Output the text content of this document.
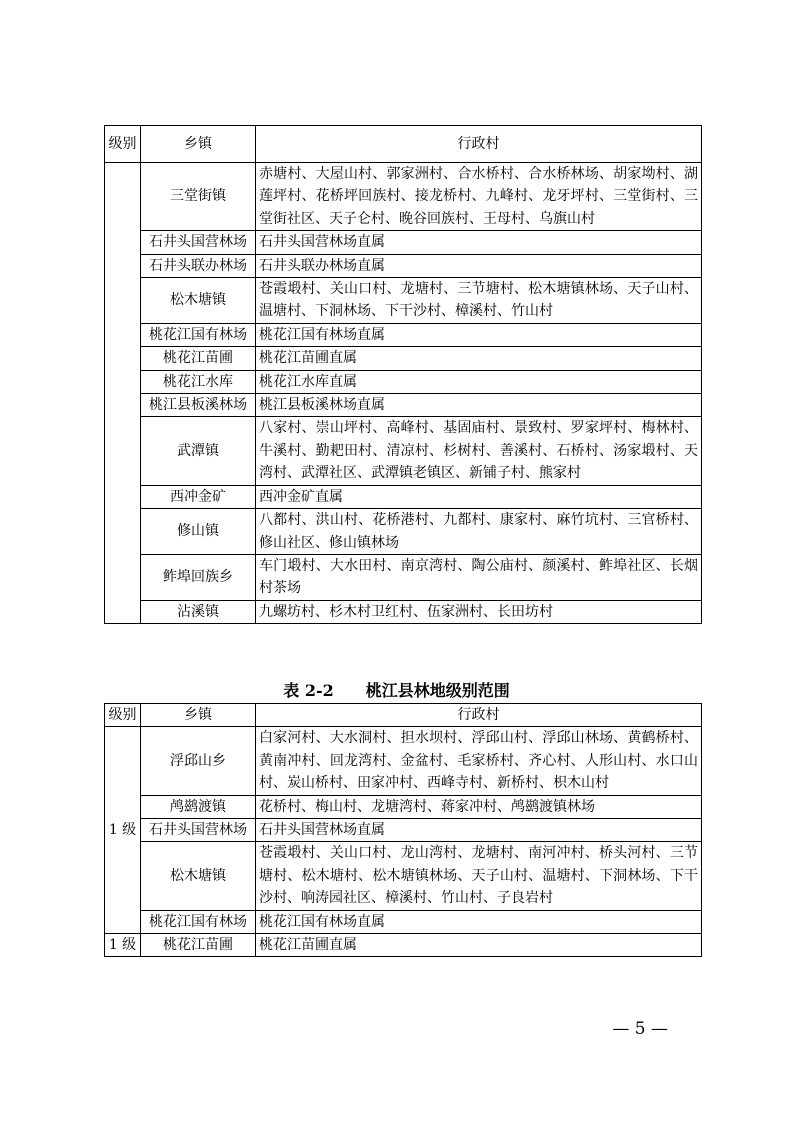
级别	乡镇	行政村
	三堂街镇	赤塘村、大屋山村、郭家洲村、合水桥村、合水桥林场、胡家坳村、湖莲坪村、花桥坪回族村、接龙桥村、九峰村、龙牙坪村、三堂街村、三堂街社区、天子仑村、晚谷回族村、王母村、乌旗山村
	石井头国营林场	石井头国营林场直属
	石井头联办林场	石井头联办林场直属
	松木塘镇	苍霞塅村、关山口村、龙塘村、三节塘村、松木塘镇林场、天子山村、温塘村、下洞林场、下干沙村、樟溪村、竹山村
	桃花江国有林场	桃花江国有林场直属
	桃花江苗圃	桃花江苗圃直属
	桃花江水库	桃花江水库直属
	桃江县板溪林场	桃江县板溪林场直属
	武潭镇	八家村、崇山坪村、高峰村、基固庙村、景致村、罗家坪村、梅林村、牛溪村、勤耙田村、清凉村、杉树村、善溪村、石桥村、汤家塅村、天湾村、武潭社区、武潭镇老镇区、新铺子村、熊家村
	西冲金矿	西冲金矿直属
	修山镇	八都村、洪山村、花桥港村、九都村、康家村、麻竹坑村、三官桥村、修山社区、修山镇林场
	鲊埠回族乡	车门塅村、大水田村、南京湾村、陶公庙村、颜溪村、鲊埠社区、长烟村茶场
	沾溪镇	九螺坊村、杉木村卫红村、伍家洲村、长田坊村
表 2-2 桃江县林地级别范围
级别	乡镇	行政村
1 级	浮邱山乡	白家河村、大水洞村、担水坝村、浮邱山村、浮邱山林场、黄鹤桥村、黄南冲村、回龙湾村、金盆村、毛家桥村、齐心村、人形山村、水口山村、炭山桥村、田家冲村、西峰寺村、新桥村、枳木山村
	鸬鹚渡镇	花桥村、梅山村、龙塘湾村、蒋家冲村、鸬鹚渡镇林场
	石井头国营林场	石井头国营林场直属
	松木塘镇	苍霞塅村、关山口村、龙山湾村、龙塘村、南河冲村、桥头河村、三节塘村、松木塘村、松木塘镇林场、天子山村、温塘村、下洞林场、下干沙村、响涛园社区、樟溪村、竹山村、子良岩村
	桃花江国有林场	桃花江国有林场直属
1 级	桃花江苗圃	桃花江苗圃直属
— 5 —
